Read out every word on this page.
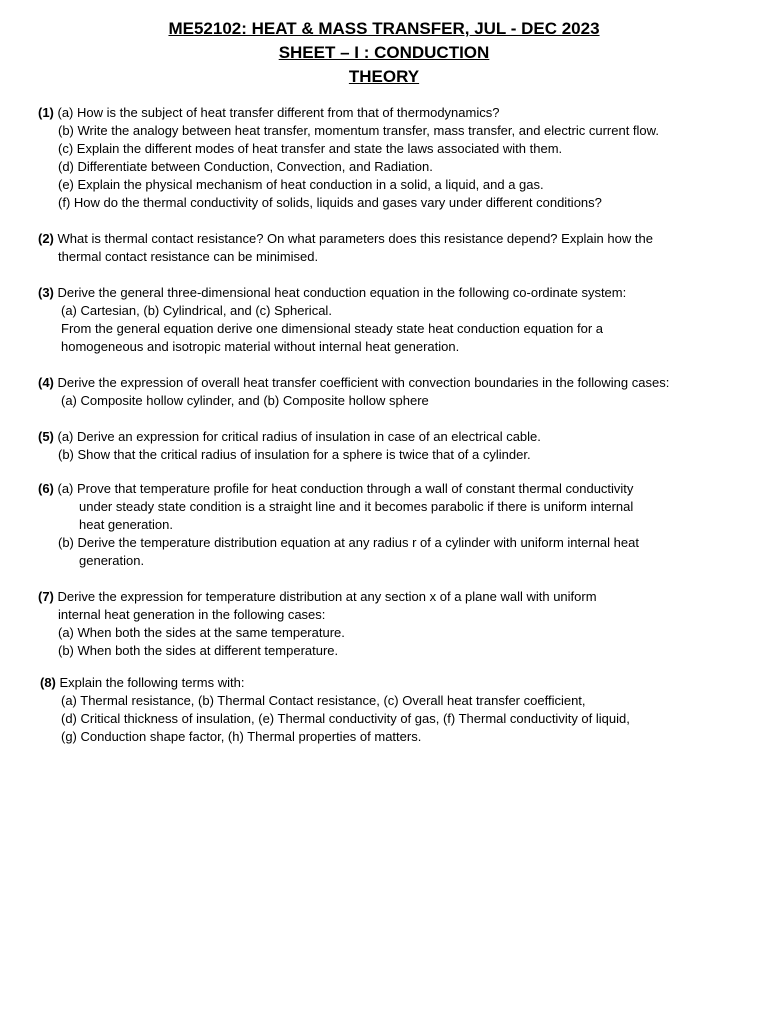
ME52102: HEAT & MASS TRANSFER, JUL - DEC 2023
SHEET – I : CONDUCTION
THEORY
(1) (a) How is the subject of heat transfer different from that of thermodynamics?
(b) Write the analogy between heat transfer, momentum transfer, mass transfer, and electric current flow.
(c) Explain the different modes of heat transfer and state the laws associated with them.
(d) Differentiate between Conduction, Convection, and Radiation.
(e) Explain the physical mechanism of heat conduction in a solid, a liquid, and a gas.
(f) How do the thermal conductivity of solids, liquids and gases vary under different conditions?
(2) What is thermal contact resistance? On what parameters does this resistance depend? Explain how the
thermal contact resistance can be minimised.
(3) Derive the general three-dimensional heat conduction equation in the following co-ordinate system:
(a) Cartesian, (b) Cylindrical, and (c) Spherical.
From the general equation derive one dimensional steady state heat conduction equation for a
homogeneous and isotropic material without internal heat generation.
(4) Derive the expression of overall heat transfer coefficient with convection boundaries in the following cases:
(a) Composite hollow cylinder, and (b) Composite hollow sphere
(5) (a) Derive an expression for critical radius of insulation in case of an electrical cable.
(b) Show that the critical radius of insulation for a sphere is twice that of a cylinder.
(6) (a) Prove that temperature profile for heat conduction through a wall of constant thermal conductivity
under steady state condition is a straight line and it becomes parabolic if there is uniform internal
heat generation.
(b) Derive the temperature distribution equation at any radius r of a cylinder with uniform internal heat
generation.
(7) Derive the expression for temperature distribution at any section x of a plane wall with uniform
internal heat generation in the following cases:
(a) When both the sides at the same temperature.
(b) When both the sides at different temperature.
(8) Explain the following terms with:
(a) Thermal resistance, (b) Thermal Contact resistance, (c) Overall heat transfer coefficient,
(d) Critical thickness of insulation, (e) Thermal conductivity of gas, (f) Thermal conductivity of liquid,
(g) Conduction shape factor, (h) Thermal properties of matters.
